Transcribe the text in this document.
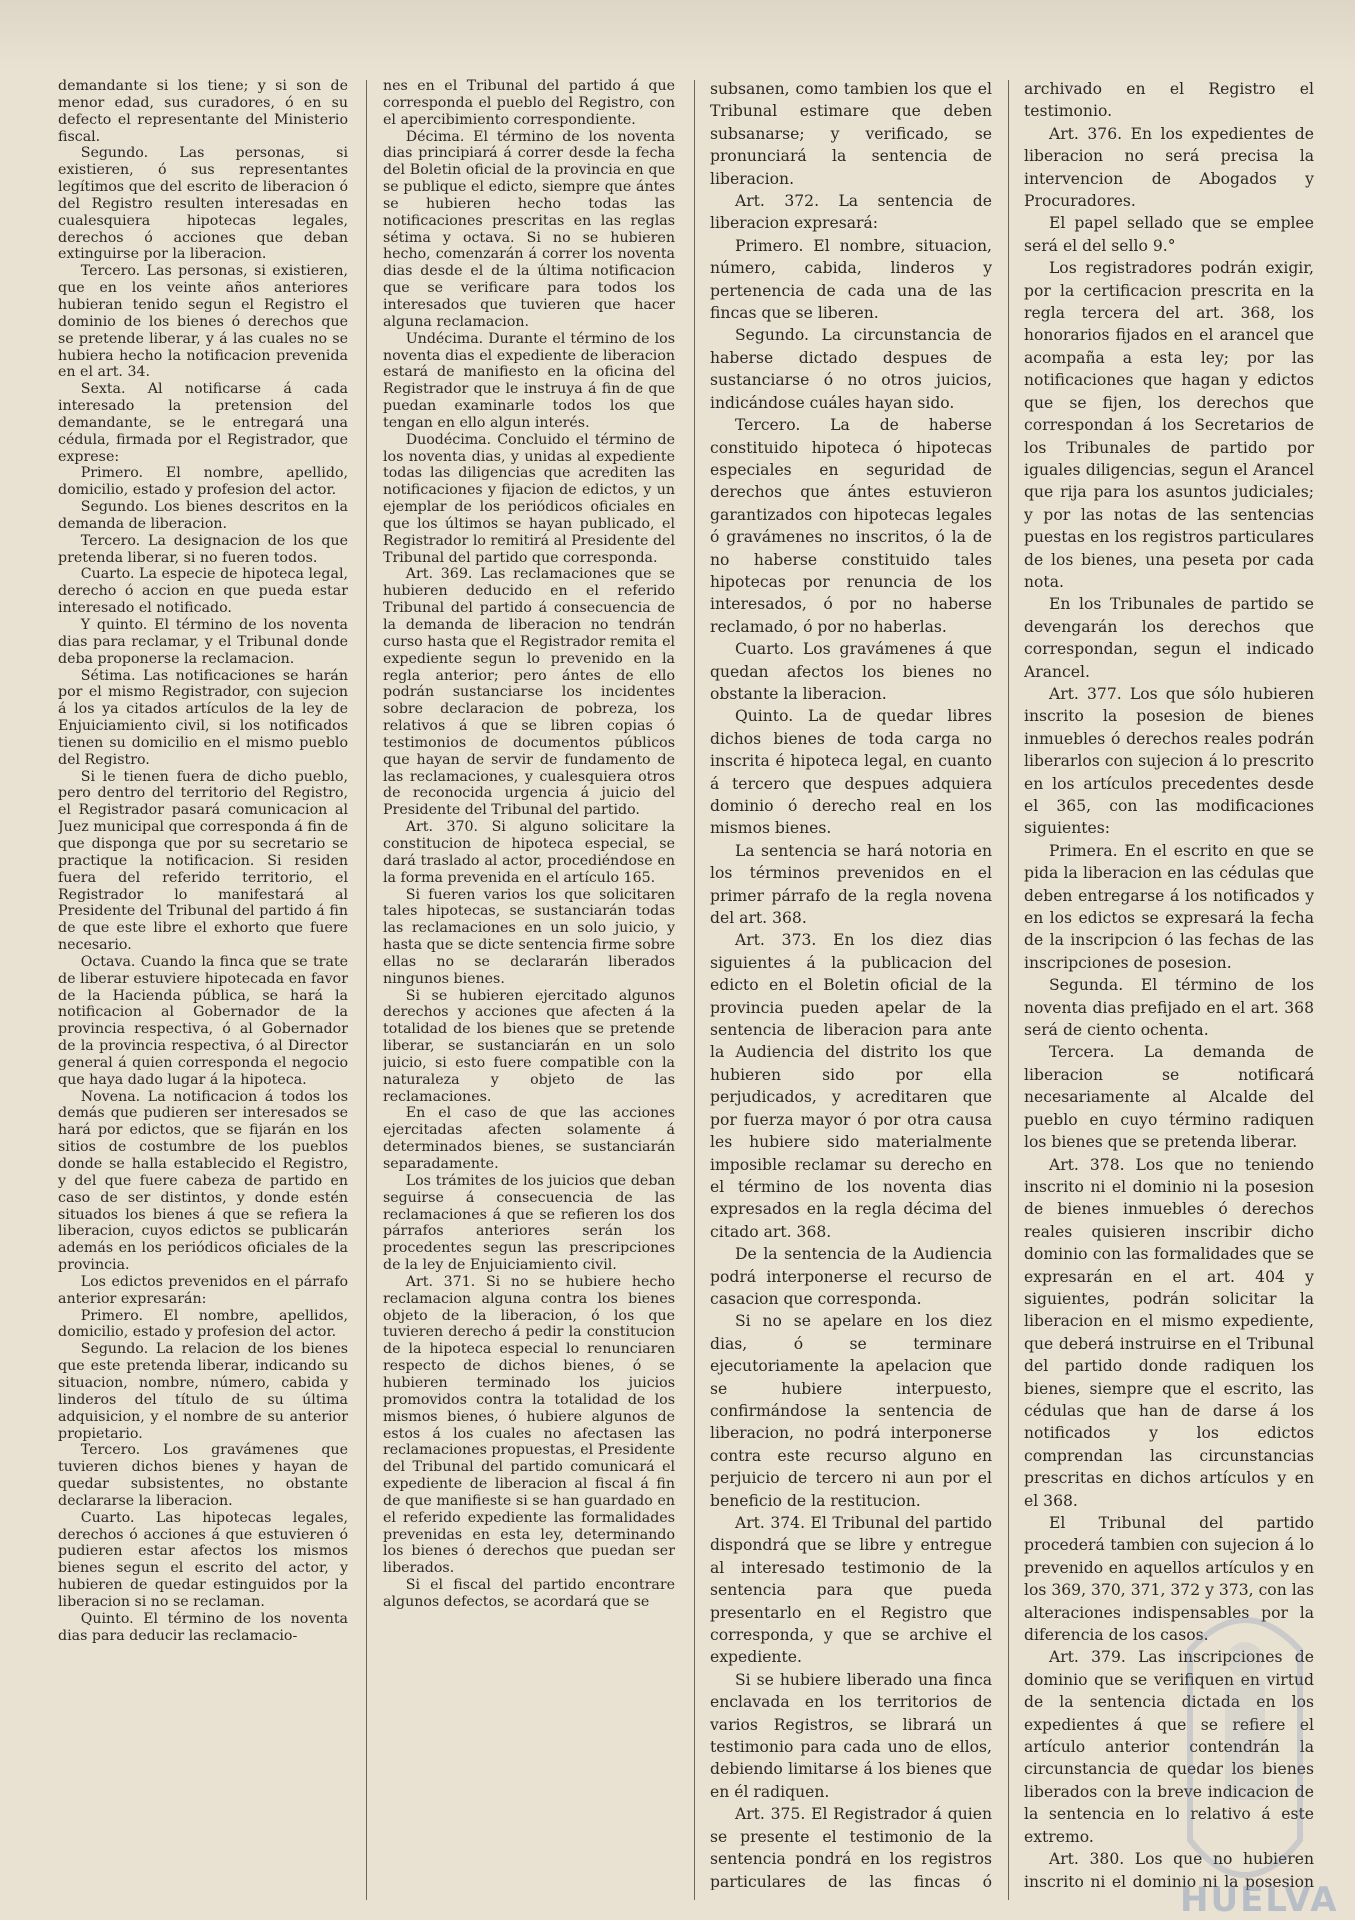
demandante si los tiene; y si son de menor edad, sus curadores, ó en su defecto el representante del Ministerio fiscal.

Segundo. Las personas, si existieren, ó sus representantes legítimos que del escrito de liberacion ó del Registro resulten interesadas en cualesquiera hipotecas legales, derechos ó acciones que deban extinguirse por la liberacion.

Tercero. Las personas, si existieren, que en los veinte años anteriores hubieran tenido segun el Registro el dominio de los bienes ó derechos que se pretende liberar, y á las cuales no se hubiera hecho la notificacion prevenida en el art. 34.

Sexta. Al notificarse á cada interesado la pretension del demandante, se le entregará una cédula, firmada por el Registrador, que exprese:

Primero. El nombre, apellido, domicilio, estado y profesion del actor.

Segundo. Los bienes descritos en la demanda de liberacion.

Tercero. La designacion de los que pretenda liberar, si no fueren todos.

Cuarto. La especie de hipoteca legal, derecho ó accion en que pueda estar interesado el notificado.

Y quinto. El término de los noventa dias para reclamar, y el Tribunal donde deba proponerse la reclamacion.

Sétima. Las notificaciones se harán por el mismo Registrador, con sujecion á los ya citados artículos de la ley de Enjuiciamiento civil, si los notificados tienen su domicilio en el mismo pueblo del Registro.

Si le tienen fuera de dicho pueblo, pero dentro del territorio del Registro, el Registrador pasará comunicacion al Juez municipal que corresponda á fin de que disponga que por su secretario se practique la notificacion. Si residen fuera del referido territorio, el Registrador lo manifestará al Presidente del Tribunal del partido á fin de que este libre el exhorto que fuere necesario.

Octava. Cuando la finca que se trate de liberar estuviere hipotecada en favor de la Hacienda pública, se hará la notificacion al Gobernador de la provincia respectiva, ó al Gobernador de la provincia respectiva, ó al Director general á quien corresponda el negocio que haya dado lugar á la hipoteca.

Novena. La notificacion á todos los demás que pudieren ser interesados se hará por edictos, que se fijarán en los sitios de costumbre de los pueblos donde se halla establecido el Registro, y del que fuere cabeza de partido en caso de ser distintos, y donde estén situados los bienes á que se refiera la liberacion, cuyos edictos se publicarán además en los periódicos oficiales de la provincia.

Los edictos prevenidos en el párrafo anterior expresarán:

Primero. El nombre, apellidos, domicilio, estado y profesion del actor.

Segundo. La relacion de los bienes que este pretenda liberar, indicando su situacion, nombre, número, cabida y linderos del título de su última adquisicion, y el nombre de su anterior propietario.

Tercero. Los gravámenes que tuvieren dichos bienes y hayan de quedar subsistentes, no obstante declararse la liberacion.

Cuarto. Las hipotecas legales, derechos ó acciones á que estuvieren ó pudieren estar afectos los mismos bienes segun el escrito del actor, y hubieren de quedar estinguidos por la liberacion si no se reclaman.

Quinto. El término de los noventa dias para deducir las reclamacio-

nes en el Tribunal del partido á que corresponda el pueblo del Registro, con el apercibimiento correspondiente.

Décima. El término de los noventa dias principiará á correr desde la fecha del Boletin oficial de la provincia en que se publique el edicto, siempre que ántes se hubieren hecho todas las notificaciones prescritas en las reglas sétima y octava. Si no se hubieren hecho, comenzarán á correr los noventa dias desde el de la última notificacion que se verificare para todos los interesados que tuvieren que hacer alguna reclamacion.

Undécima. Durante el término de los noventa dias el expediente de liberacion estará de manifiesto en la oficina del Registrador que le instruya á fin de que puedan examinarle todos los que tengan en ello algun interés.

Duodécima. Concluido el término de los noventa dias, y unidas al expediente todas las diligencias que acrediten las notificaciones y fijacion de edictos, y un ejemplar de los periódicos oficiales en que los últimos se hayan publicado, el Registrador lo remitirá al Presidente del Tribunal del partido que corresponda.

Art. 369. Las reclamaciones que se hubieren deducido en el referido Tribunal del partido á consecuencia de la demanda de liberacion no tendrán curso hasta que el Registrador remita el expediente segun lo prevenido en la regla anterior; pero ántes de ello podrán sustanciarse los incidentes sobre declaracion de pobreza, los relativos á que se libren copias ó testimonios de documentos públicos que hayan de servir de fundamento de las reclamaciones, y cualesquiera otros de reconocida urgencia á juicio del Presidente del Tribunal del partido.

Art. 370. Si alguno solicitare la constitucion de hipoteca especial, se dará traslado al actor, procediéndose en la forma prevenida en el artículo 165.

Si fueren varios los que solicitaren tales hipotecas, se sustanciarán todas las reclamaciones en un solo juicio, y hasta que se dicte sentencia firme sobre ellas no se declararán liberados ningunos bienes.

Si se hubieren ejercitado algunos derechos y acciones que afecten á la totalidad de los bienes que se pretende liberar, se sustanciarán en un solo juicio, si esto fuere compatible con la naturaleza y objeto de las reclamaciones.

En el caso de que las acciones ejercitadas afecten solamente á determinados bienes, se sustanciarán separadamente.

Los trámites de los juicios que deban seguirse á consecuencia de las reclamaciones á que se refieren los dos párrafos anteriores serán los procedentes segun las prescripciones de la ley de Enjuiciamiento civil.

Art. 371. Si no se hubiere hecho reclamacion alguna contra los bienes objeto de la liberacion, ó los que tuvieren derecho á pedir la constitucion de la hipoteca especial lo renunciaren respecto de dichos bienes, ó se hubieren terminado los juicios promovidos contra la totalidad de los mismos bienes, ó hubiere algunos de estos á los cuales no afectasen las reclamaciones propuestas, el Presidente del Tribunal del partido comunicará el expediente de liberacion al fiscal á fin de que manifieste si se han guardado en el referido expediente las formalidades prevenidas en esta ley, determinando los bienes ó derechos que puedan ser liberados.

Si el fiscal del partido encontrare algunos defectos, se acordará que se

subsanen, como tambien los que el Tribunal estimare que deben subsanarse; y verificado, se pronunciará la sentencia de liberacion.

Art. 372. La sentencia de liberacion expresará:

Primero. El nombre, situacion, número, cabida, linderos y pertenencia de cada una de las fincas que se liberen.

Segundo. La circunstancia de haberse dictado despues de sustanciarse ó no otros juicios, indicándose cuáles hayan sido.

Tercero. La de haberse constituido hipoteca ó hipotecas especiales en seguridad de derechos que ántes estuvieron garantizados con hipotecas legales ó gravámenes no inscritos, ó la de no haberse constituido tales hipotecas por renuncia de los interesados, ó por no haberse reclamado, ó por no haberlas.

Cuarto. Los gravámenes á que quedan afectos los bienes no obstante la liberacion.

Quinto. La de quedar libres dichos bienes de toda carga no inscrita é hipoteca legal, en cuanto á tercero que despues adquiera dominio ó derecho real en los mismos bienes.

La sentencia se hará notoria en los términos prevenidos en el primer párrafo de la regla novena del art. 368.

Art. 373. En los diez dias siguientes á la publicacion del edicto en el Boletin oficial de la provincia pueden apelar de la sentencia de liberacion para ante la Audiencia del distrito los que hubieren sido por ella perjudicados, y acreditaren que por fuerza mayor ó por otra causa les hubiere sido materialmente imposible reclamar su derecho en el término de los noventa dias expresados en la regla décima del citado art. 368.

De la sentencia de la Audiencia podrá interponerse el recurso de casacion que corresponda.

Si no se apelare en los diez dias, ó se terminare ejecutoriamente la apelacion que se hubiere interpuesto, confirmándose la sentencia de liberacion, no podrá interponerse contra este recurso alguno en perjuicio de tercero ni aun por el beneficio de la restitucion.

Art. 374. El Tribunal del partido dispondrá que se libre y entregue al interesado testimonio de la sentencia para que pueda presentarlo en el Registro que corresponda, y que se archive el expediente.

Si se hubiere liberado una finca enclavada en los territorios de varios Registros, se librará un testimonio para cada uno de ellos, debiendo limitarse á los bienes que en él radiquen.

Art. 375. El Registrador á quien se presente el testimonio de la sentencia pondrá en los registros particulares de las fincas ó

archivado en el Registro el testimonio.

Art. 376. En los expedientes de liberacion no será precisa la intervencion de Abogados y Procuradores.

El papel sellado que se emplee será el del sello 9.°

Los registradores podrán exigir, por la certificacion prescrita en la regla tercera del art. 368, los honorarios fijados en el arancel que acompaña a esta ley; por las notificaciones que hagan y edictos que se fijen, los derechos que correspondan á los Secretarios de los Tribunales de partido por iguales diligencias, segun el Arancel que rija para los asuntos judiciales; y por las notas de las sentencias puestas en los registros particulares de los bienes, una peseta por cada nota.

En los Tribunales de partido se devengarán los derechos que correspondan, segun el indicado Arancel.

Art. 377. Los que sólo hubieren inscrito la posesion de bienes inmuebles ó derechos reales podrán liberarlos con sujecion á lo prescrito en los artículos precedentes desde el 365, con las modificaciones siguientes:

Primera. En el escrito en que se pida la liberacion en las cédulas que deben entregarse á los notificados y en los edictos se expresará la fecha de la inscripcion ó las fechas de las inscripciones de posesion.

Segunda. El término de los noventa dias prefijado en el art. 368 será de ciento ochenta.

Tercera. La demanda de liberacion se notificará necesariamente al Alcalde del pueblo en cuyo término radiquen los bienes que se pretenda liberar.

Art. 378. Los que no teniendo inscrito ni el dominio ni la posesion de bienes inmuebles ó derechos reales quisieren inscribir dicho dominio con las formalidades que se expresarán en el art. 404 y siguientes, podrán solicitar la liberacion en el mismo expediente, que deberá instruirse en el Tribunal del partido donde radiquen los bienes, siempre que el escrito, las cédulas que han de darse á los notificados y los edictos comprendan las circunstancias prescritas en dichos artículos y en el 368.

El Tribunal del partido procederá tambien con sujecion á lo prevenido en aquellos artículos y en los 369, 370, 371, 372 y 373, con las alteraciones indispensables por la diferencia de los casos.

Art. 379. Las inscripciones de dominio que se verifiquen en virtud de la sentencia dictada en los expedientes á que se refiere el artículo anterior contendrán la circunstancia de quedar los bienes liberados con la breve indicacion de la sentencia en lo relativo á este extremo.

Art. 380. Los que no hubieren inscrito ni el dominio ni la posesion

HUELVA
